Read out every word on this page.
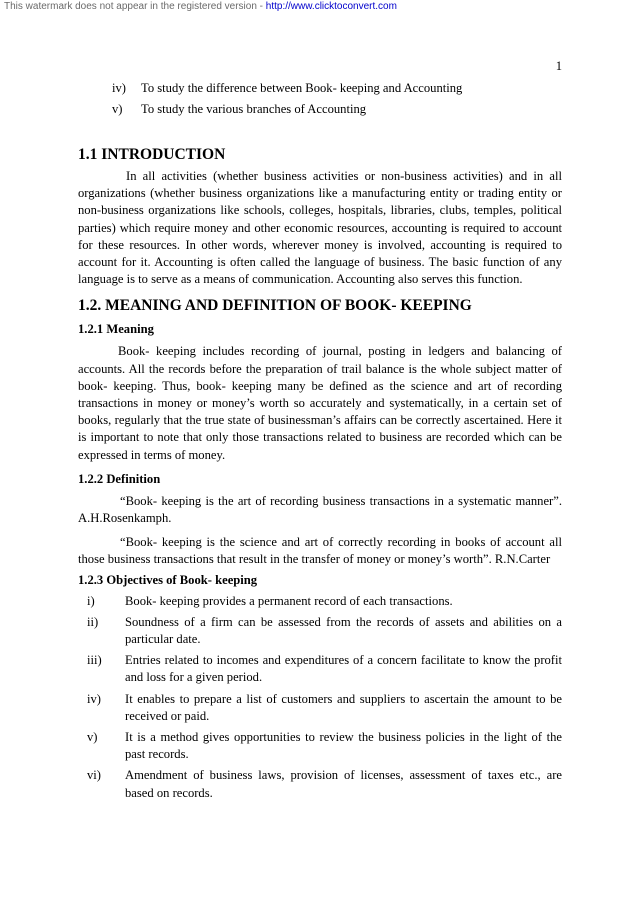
This watermark does not appear in the registered version - http://www.clicktoconvert.com
1
iv)	To study the difference between Book- keeping and Accounting
v)	To study the various branches of Accounting
1.1 INTRODUCTION

In all activities (whether business activities or non-business activities) and in all organizations (whether business organizations like a manufacturing entity or trading entity or non-business organizations like schools, colleges, hospitals, libraries, clubs, temples, political parties) which require money and other economic resources, accounting is required to account for these resources. In other words, wherever money is involved, accounting is required to account for it. Accounting is often called the language of business. The basic function of any language is to serve as a means of communication. Accounting also serves this function.

1.2. MEANING AND DEFINITION OF BOOK- KEEPING
1.2.1 Meaning

Book- keeping includes recording of journal, posting in ledgers and balancing of accounts. All the records before the preparation of trail balance is the whole subject matter of book- keeping. Thus, book- keeping many be defined as the science and art of recording transactions in money or money’s worth so accurately and systematically, in a certain set of books, regularly that the true state of businessman’s affairs can be correctly ascertained. Here it is important to note that only those transactions related to business are recorded which can be expressed in terms of money.

1.2.2 Definition

“Book- keeping is the art of recording business transactions in a systematic manner”. A.H.Rosenkamph.

“Book- keeping is the science and art of correctly recording in books of account all those business transactions that result in the transfer of money or money’s worth”. R.N.Carter

1.2.3 Objectives of Book- keeping
i)	Book- keeping provides a permanent record of each transactions.
ii)	Soundness of a firm can be assessed from the records of assets and abilities on a particular date.
iii)	Entries related to incomes and expenditures of a concern facilitate to know the profit and loss for a given period.
iv)	It enables to prepare a list of customers and suppliers to ascertain the amount to be received or paid.
v)	It is a method gives opportunities to review the business policies in the light of the past records.
vi)	Amendment of business laws, provision of licenses, assessment of taxes etc., are based on records.
